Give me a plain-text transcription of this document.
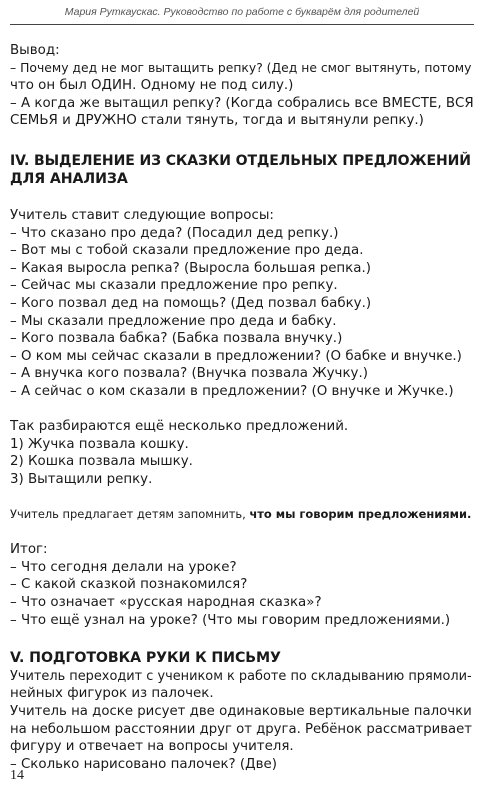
Мария Руткаускас. Руководство по работе с букварём для родителей

Вывод:

– Почему дед не мог вытащить репку? (Дед не смог вытянуть, потому

что он был ОДИН. Одному не под силу.)

– А когда же вытащил репку? (Когда собрались все ВМЕСТЕ, ВСЯ

СЕМЬЯ и ДРУЖНО стали тянуть, тогда и вытянули репку.)

IV. ВЫДЕЛЕНИЕ ИЗ СКАЗКИ ОТДЕЛЬНЫХ ПРЕДЛОЖЕНИЙ
ДЛЯ АНАЛИЗА

Учитель ставит следующие вопросы:

– Что сказано про деда? (Посадил дед репку.)

– Вот мы с тобой сказали предложение про деда.

– Какая выросла репка? (Выросла большая репка.)

– Сейчас мы сказали предложение про репку.

– Кого позвал дед на помощь? (Дед позвал бабку.)

– Мы сказали предложение про деда и бабку.

– Кого позвала бабка? (Бабка позвала внучку.)

– О ком мы сейчас сказали в предложении? (О бабке и внучке.)

– А внучка кого позвала? (Внучка позвала Жучку.)

– А сейчас о ком сказали в предложении? (О внучке и Жучке.)

Так разбираются ещё несколько предложений.

1) Жучка позвала кошку.

2) Кошка позвала мышку.

3) Вытащили репку.

Учитель предлагает детям запомнить, что мы говорим предложениями.

Итог:

– Что сегодня делали на уроке?

– С какой сказкой познакомился?

– Что означает «русская народная сказка»?

– Что ещё узнал на уроке? (Что мы говорим предложениями.)

V. ПОДГОТОВКА РУКИ К ПИСЬМУ

Учитель переходит с учеником к работе по складыванию прямоли-

нейных фигурок из палочек.

Учитель на доске рисует две одинаковые вертикальные палочки

на небольшом расстоянии друг от друга. Ребёнок рассматривает

фигуру и отвечает на вопросы учителя.

– Сколько нарисовано палочек? (Две)

14
